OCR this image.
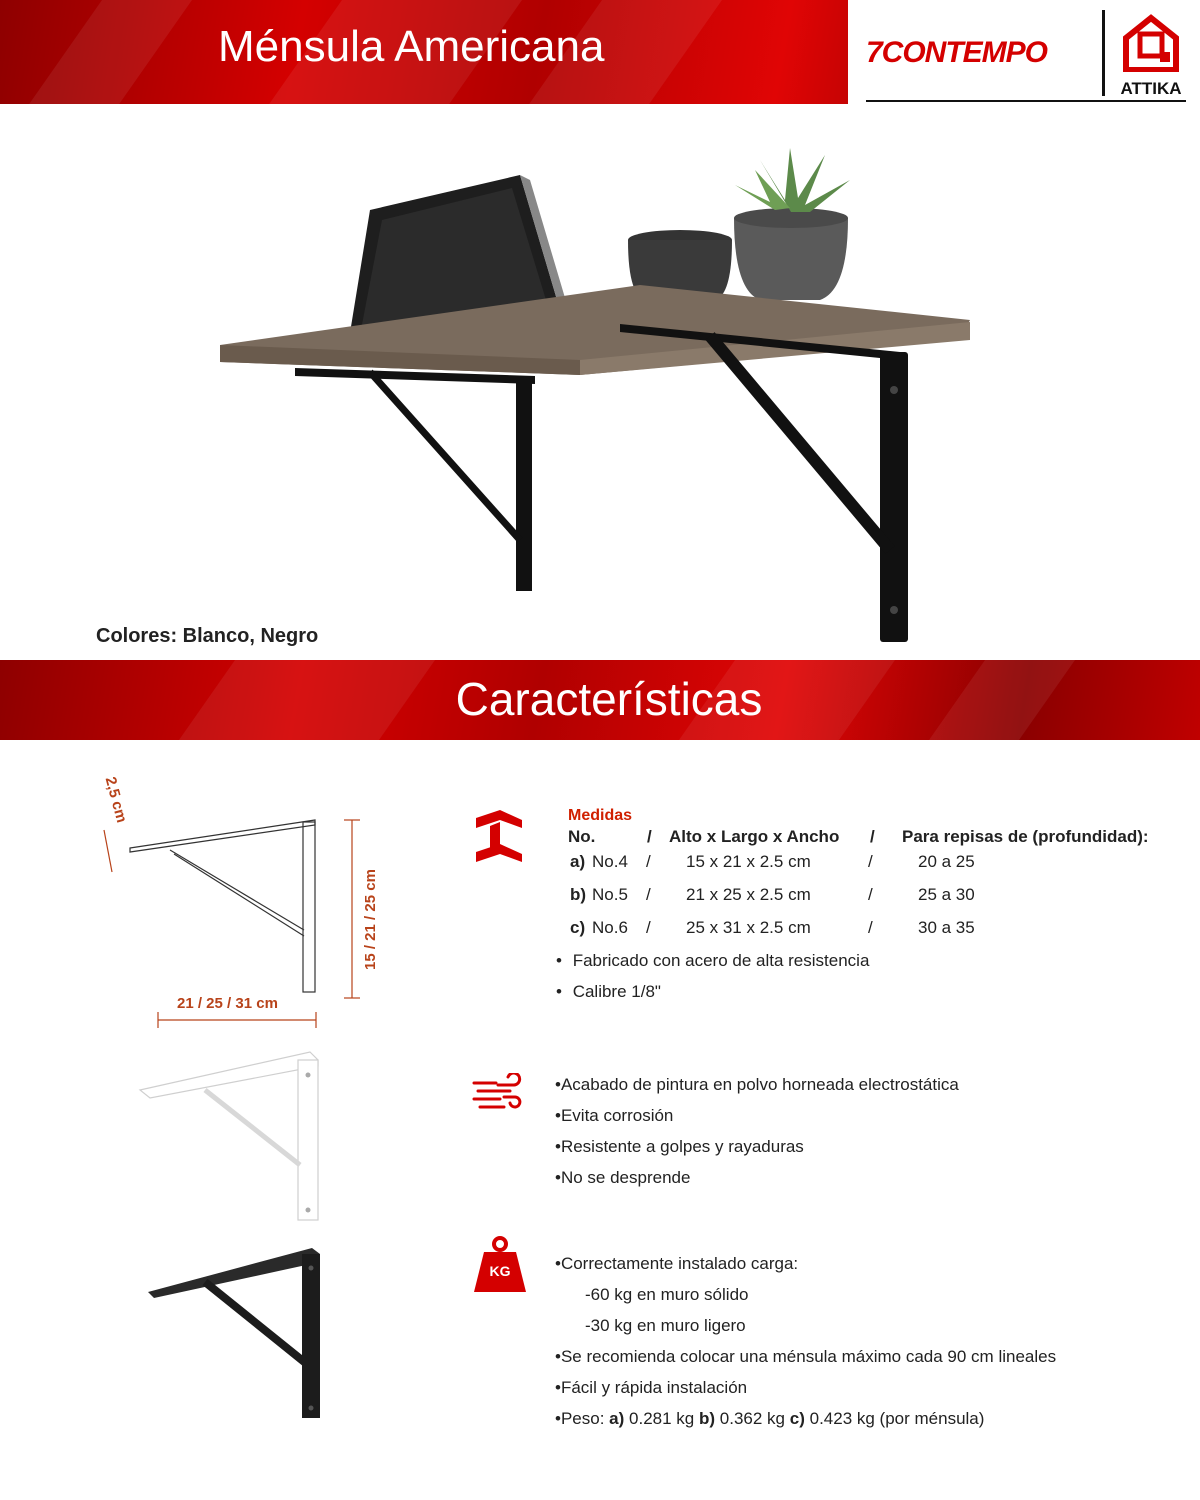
Ménsula Americana	7CONTEMPO
ATTIKA
Colores: Blanco, Negro
Características
15 / 21 / 25 cm
21 / 25 / 31 cm
2,5 cm	Medidas
No.	/ Alto x Largo x Ancho / Para repisas de (profundidad):
a) No.4 / 15 x 21 x 2.5 cm	/	20 a 25
b) No.5 / 21 x 25 x 2.5 cm	/	25 a 30
c) No.6 / 25 x 31 x 2.5 cm	/	30 a 35
• Fabricado con acero de alta resistencia
• Calibre 1/8"
•Acabado de pintura en polvo horneada electrostática
•Evita corrosión
•Resistente a golpes y rayaduras
•No se desprende
KG	•Correctamente instalado carga:
-60 kg en muro sólido
-30 kg en muro ligero
•Se recomienda colocar una ménsula máximo cada 90 cm lineales
•Fácil y rápida instalación
•Peso: a) 0.281 kg b) 0.362 kg c) 0.423 kg (por ménsula)
